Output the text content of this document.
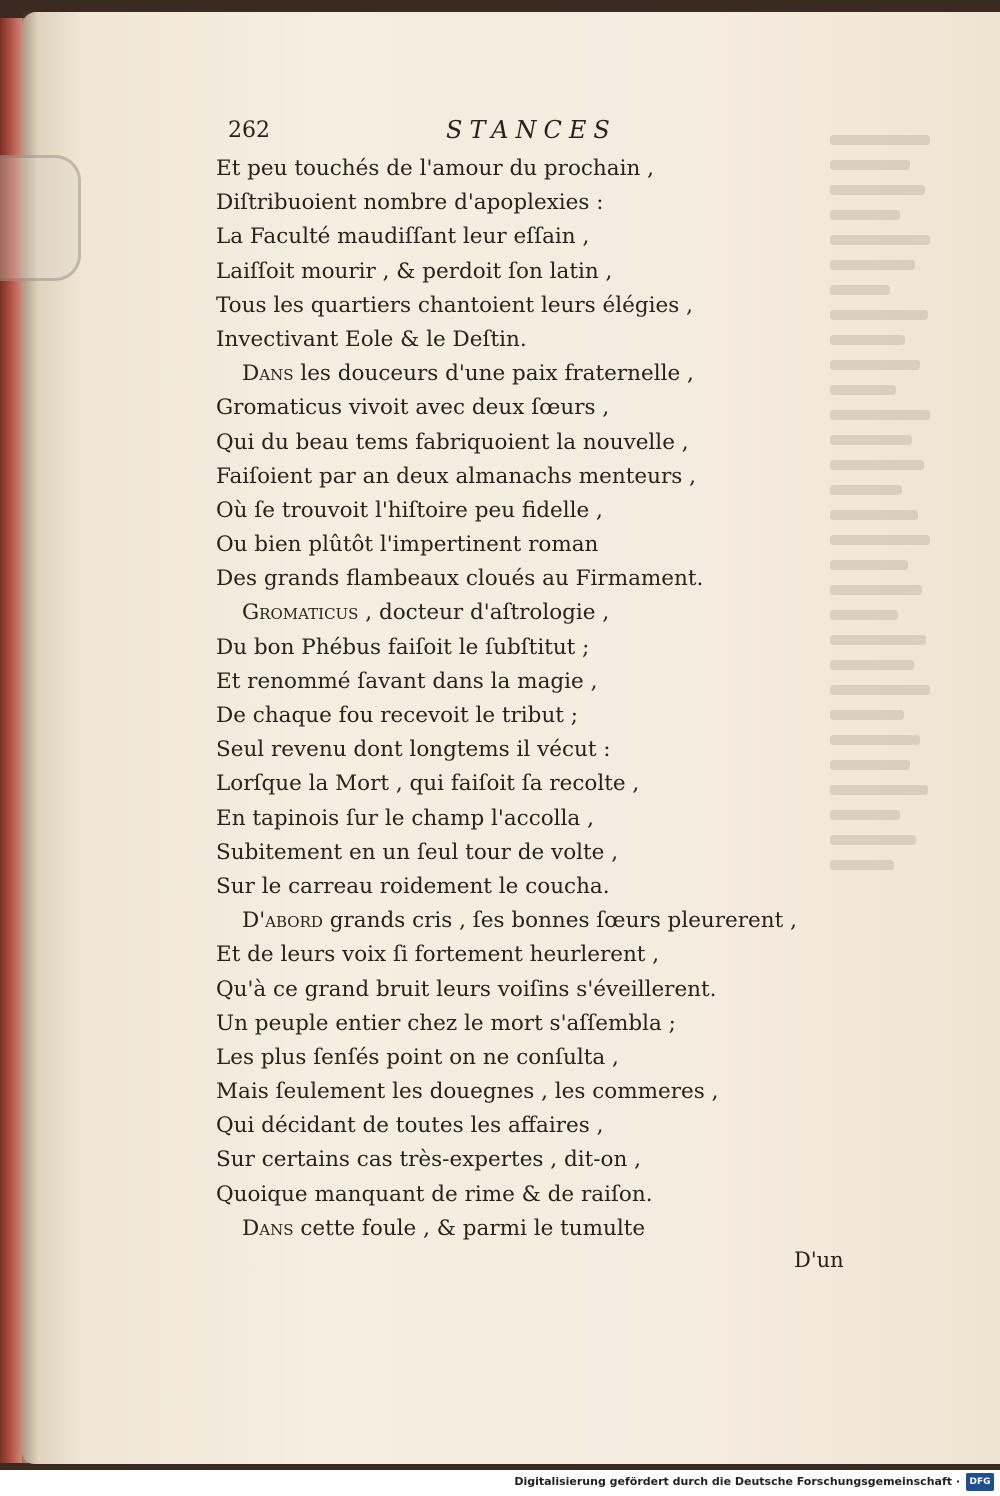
262	STANCES
Et peu touchés de l'amour du prochain ,
Diſtribuoient nombre d'apoplexies :
La Faculté maudiſſant leur eſſain ,
Laiſſoit mourir , & perdoit ſon latin ,
Tous les quartiers chantoient leurs élégies ,
Invectivant Eole & le Deſtin.
Dans les douceurs d'une paix fraternelle ,
Gromaticus vivoit avec deux ſœurs ,
Qui du beau tems fabriquoient la nouvelle ,
Faiſoient par an deux almanachs menteurs ,
Où ſe trouvoit l'hiſtoire peu fidelle ,
Ou bien plûtôt l'impertinent roman
Des grands flambeaux cloués au Firmament.
Gromaticus , docteur d'aſtrologie ,
Du bon Phébus faiſoit le ſubſtitut ;
Et renommé ſavant dans la magie ,
De chaque fou recevoit le tribut ;
Seul revenu dont longtems il vécut :
Lorſque la Mort , qui faiſoit ſa recolte ,
En tapinois ſur le champ l'accolla ,
Subitement en un ſeul tour de volte ,
Sur le carreau roidement le coucha.
D'abord grands cris , ſes bonnes ſœurs pleurerent ,
Et de leurs voix ſi fortement heurlerent ,
Qu'à ce grand bruit leurs voiſins s'éveillerent.
Un peuple entier chez le mort s'aſſembla ;
Les plus ſenſés point on ne conſulta ,
Mais ſeulement les douegnes , les commeres ,
Qui décidant de toutes les affaires ,
Sur certains cas très-expertes , dit-on ,
Quoique manquant de rime & de raiſon.
Dans cette foule , & parmi le tumulte
D'un
Digitalisierung gefördert durch die Deutsche Forschungsgemeinschaft ·	DFG
